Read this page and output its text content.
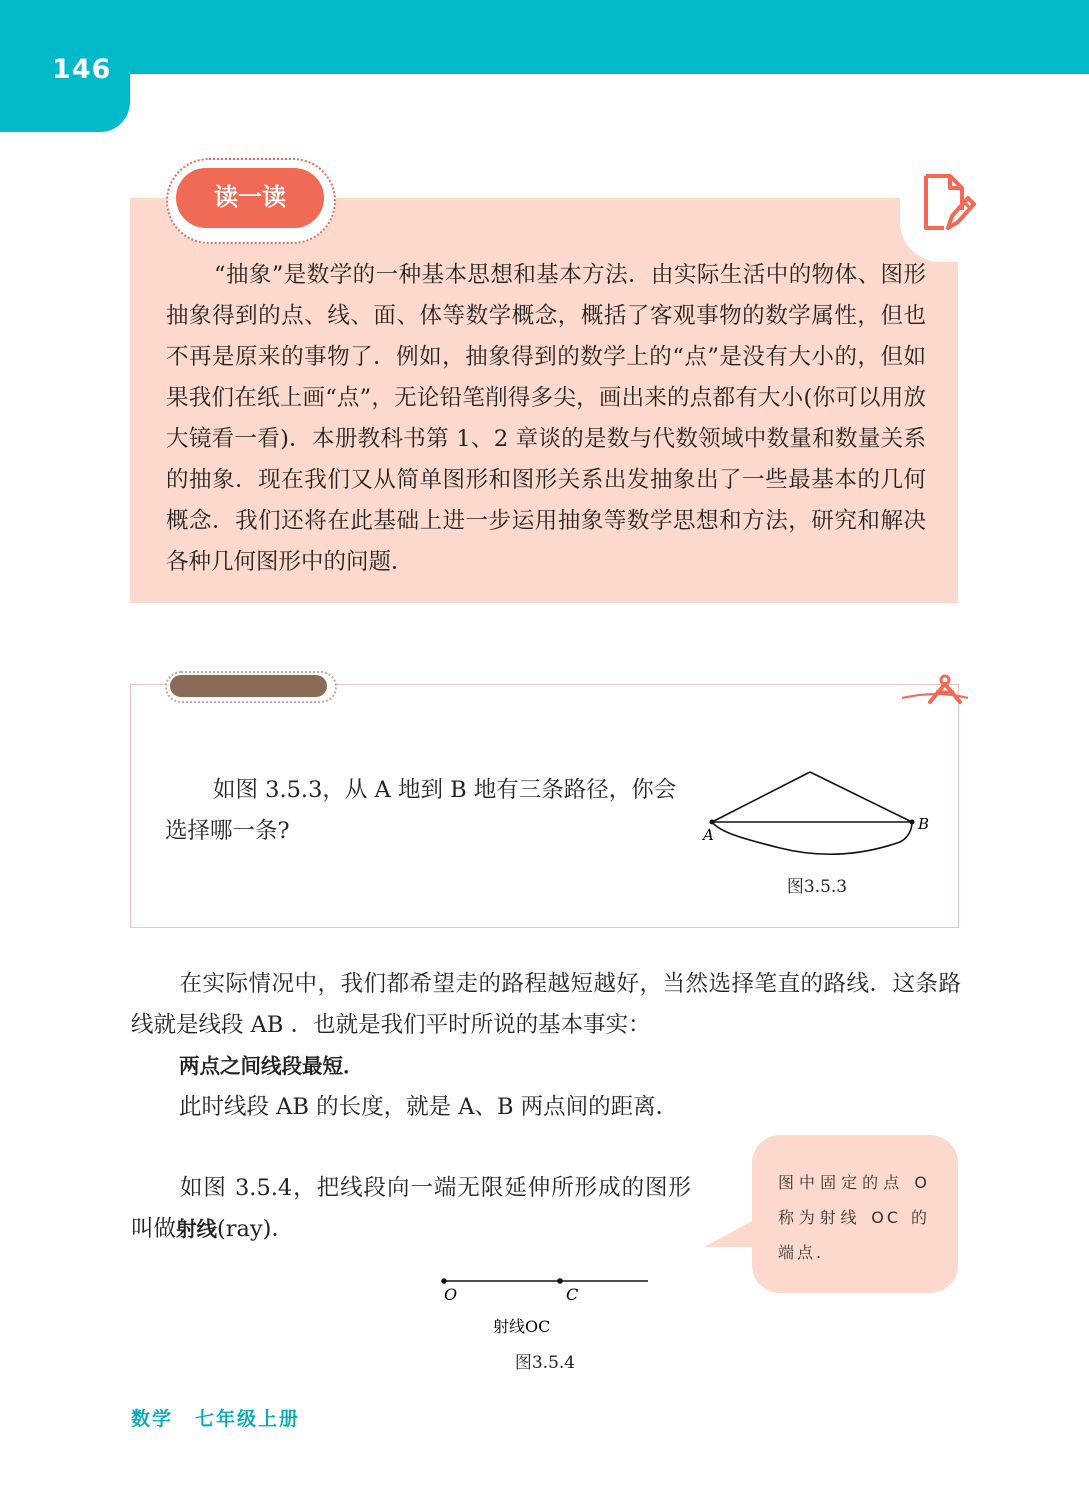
146
读一读
“抽象”是数学的一种基本思想和基本方法．由实际生活中的物体、图形抽象得到的点、线、面、体等数学概念，概括了客观事物的数学属性，但也不再是原来的事物了．例如，抽象得到的数学上的“点”是没有大小的，但如果我们在纸上画“点”，无论铅笔削得多尖，画出来的点都有大小(你可以用放大镜看一看)．本册教科书第 1、2 章谈的是数与代数领域中数量和数量关系的抽象．现在我们又从简单图形和图形关系出发抽象出了一些最基本的几何概念．我们还将在此基础上进一步运用抽象等数学思想和方法，研究和解决各种几何图形中的问题．
如图 3.5.3，从 A 地到 B 地有三条路径，你会选择哪一条?	A
B
图3.5.3
在实际情况中，我们都希望走的路程越短越好，当然选择笔直的路线．这条路线就是线段 AB ．也就是我们平时所说的基本事实：
两点之间线段最短．
此时线段 AB 的长度，就是 A、B 两点间的距离．
如图 3.5.4，把线段向一端无限延伸所形成的图形叫做射线(ray)．
图中固定的点 O 称为射线 OC 的端点.
O	C
射线OC
图3.5.4
数学 七年级上册
